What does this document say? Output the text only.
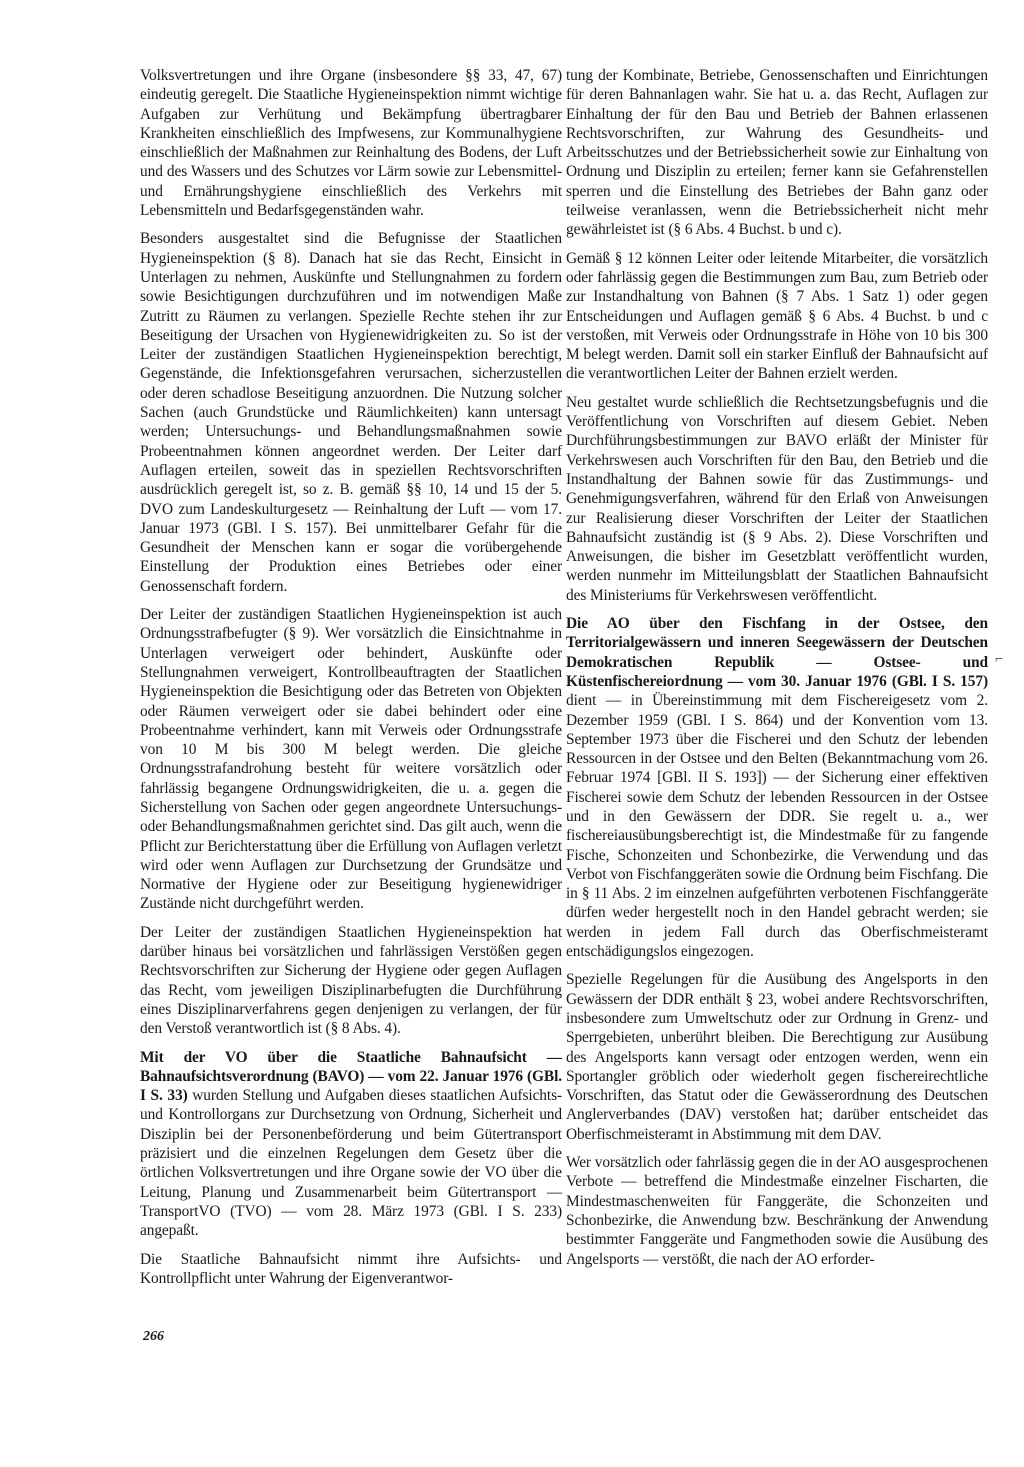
Volksvertretungen und ihre Organe (insbesondere §§ 33, 47, 67) eindeutig geregelt. Die Staatliche Hygieneinspektion nimmt wichtige Aufgaben zur Verhütung und Bekämpfung übertragbarer Krankheiten einschließlich des Impfwesens, zur Kommunalhygiene einschließlich der Maßnahmen zur Reinhaltung des Bodens, der Luft und des Wassers und des Schutzes vor Lärm sowie zur Lebensmittel- und Ernährungshygiene einschließlich des Verkehrs mit Lebensmitteln und Bedarfsgegenständen wahr.

Besonders ausgestaltet sind die Befugnisse der Staatlichen Hygieneinspektion (§ 8). Danach hat sie das Recht, Einsicht in Unterlagen zu nehmen, Auskünfte und Stellungnahmen zu fordern sowie Besichtigungen durchzuführen und im notwendigen Maße Zutritt zu Räumen zu verlangen. Spezielle Rechte stehen ihr zur Beseitigung der Ursachen von Hygienewidrigkeiten zu. So ist der Leiter der zuständigen Staatlichen Hygieneinspektion berechtigt, Gegenstände, die Infektionsgefahren verursachen, sicherzustellen oder deren schadlose Beseitigung anzuordnen. Die Nutzung solcher Sachen (auch Grundstücke und Räumlichkeiten) kann untersagt werden; Untersuchungs- und Behandlungsmaßnahmen sowie Probeentnahmen können angeordnet werden. Der Leiter darf Auflagen erteilen, soweit das in speziellen Rechtsvorschriften ausdrücklich geregelt ist, so z. B. gemäß §§ 10, 14 und 15 der 5. DVO zum Landeskulturgesetz — Reinhaltung der Luft — vom 17. Januar 1973 (GBl. I S. 157). Bei unmittelbarer Gefahr für die Gesundheit der Menschen kann er sogar die vorübergehende Einstellung der Produktion eines Betriebes oder einer Genossenschaft fordern.

Der Leiter der zuständigen Staatlichen Hygieneinspektion ist auch Ordnungsstrafbefugter (§ 9). Wer vorsätzlich die Einsichtnahme in Unterlagen verweigert oder behindert, Auskünfte oder Stellungnahmen verweigert, Kontrollbeauftragten der Staatlichen Hygieneinspektion die Besichtigung oder das Betreten von Objekten oder Räumen verweigert oder sie dabei behindert oder eine Probeentnahme verhindert, kann mit Verweis oder Ordnungsstrafe von 10 M bis 300 M belegt werden. Die gleiche Ordnungsstrafandrohung besteht für weitere vorsätzlich oder fahrlässig begangene Ordnungswidrigkeiten, die u. a. gegen die Sicherstellung von Sachen oder gegen angeordnete Untersuchungs- oder Behandlungsmaßnahmen gerichtet sind. Das gilt auch, wenn die Pflicht zur Berichterstattung über die Erfüllung von Auflagen verletzt wird oder wenn Auflagen zur Durchsetzung der Grundsätze und Normative der Hygiene oder zur Beseitigung hygienewidriger Zustände nicht durchgeführt werden.

Der Leiter der zuständigen Staatlichen Hygieneinspektion hat darüber hinaus bei vorsätzlichen und fahrlässigen Verstößen gegen Rechtsvorschriften zur Sicherung der Hygiene oder gegen Auflagen das Recht, vom jeweiligen Disziplinarbefugten die Durchführung eines Disziplinarverfahrens gegen denjenigen zu verlangen, der für den Verstoß verantwortlich ist (§ 8 Abs. 4).

Mit der VO über die Staatliche Bahnaufsicht — Bahnaufsichtsverordnung (BAVO) — vom 22. Januar 1976 (GBl. I S. 33) wurden Stellung und Aufgaben dieses staatlichen Aufsichts- und Kontrollorgans zur Durchsetzung von Ordnung, Sicherheit und Disziplin bei der Personenbeförderung und beim Gütertransport präzisiert und die einzelnen Regelungen dem Gesetz über die örtlichen Volksvertretungen und ihre Organe sowie der VO über die Leitung, Planung und Zusammenarbeit beim Gütertransport — TransportVO (TVO) — vom 28. März 1973 (GBl. I S. 233) angepaßt.

Die Staatliche Bahnaufsicht nimmt ihre Aufsichts- und Kontrollpflicht unter Wahrung der Eigenverantwor-

tung der Kombinate, Betriebe, Genossenschaften und Einrichtungen für deren Bahnanlagen wahr. Sie hat u. a. das Recht, Auflagen zur Einhaltung der für den Bau und Betrieb der Bahnen erlassenen Rechtsvorschriften, zur Wahrung des Gesundheits- und Arbeitsschutzes und der Betriebssicherheit sowie zur Einhaltung von Ordnung und Disziplin zu erteilen; ferner kann sie Gefahrenstellen sperren und die Einstellung des Betriebes der Bahn ganz oder teilweise veranlassen, wenn die Betriebssicherheit nicht mehr gewährleistet ist (§ 6 Abs. 4 Buchst. b und c).

Gemäß § 12 können Leiter oder leitende Mitarbeiter, die vorsätzlich oder fahrlässig gegen die Bestimmungen zum Bau, zum Betrieb oder zur Instandhaltung von Bahnen (§ 7 Abs. 1 Satz 1) oder gegen Entscheidungen und Auflagen gemäß § 6 Abs. 4 Buchst. b und c verstoßen, mit Verweis oder Ordnungsstrafe in Höhe von 10 bis 300 M belegt werden. Damit soll ein starker Einfluß der Bahnaufsicht auf die verantwortlichen Leiter der Bahnen erzielt werden.

Neu gestaltet wurde schließlich die Rechtsetzungsbefugnis und die Veröffentlichung von Vorschriften auf diesem Gebiet. Neben Durchführungsbestimmungen zur BAVO erläßt der Minister für Verkehrswesen auch Vorschriften für den Bau, den Betrieb und die Instandhaltung der Bahnen sowie für das Zustimmungs- und Genehmigungsverfahren, während für den Erlaß von Anweisungen zur Realisierung dieser Vorschriften der Leiter der Staatlichen Bahnaufsicht zuständig ist (§ 9 Abs. 2). Diese Vorschriften und Anweisungen, die bisher im Gesetzblatt veröffentlicht wurden, werden nunmehr im Mitteilungsblatt der Staatlichen Bahnaufsicht des Ministeriums für Verkehrswesen veröffentlicht.

Die AO über den Fischfang in der Ostsee, den Territorialgewässern und inneren Seegewässern der Deutschen Demokratischen Republik — Ostsee- und Küstenfischereiordnung — vom 30. Januar 1976 (GBl. I S. 157) dient — in Übereinstimmung mit dem Fischereigesetz vom 2. Dezember 1959 (GBl. I S. 864) und der Konvention vom 13. September 1973 über die Fischerei und den Schutz der lebenden Ressourcen in der Ostsee und den Belten (Bekanntmachung vom 26. Februar 1974 [GBl. II S. 193]) — der Sicherung einer effektiven Fischerei sowie dem Schutz der lebenden Ressourcen in der Ostsee und in den Gewässern der DDR. Sie regelt u. a., wer fischereiausübungsberechtigt ist, die Mindestmaße für zu fangende Fische, Schonzeiten und Schonbezirke, die Verwendung und das Verbot von Fischfanggeräten sowie die Ordnung beim Fischfang. Die in § 11 Abs. 2 im einzelnen aufgeführten verbotenen Fischfanggeräte dürfen weder hergestellt noch in den Handel gebracht werden; sie werden in jedem Fall durch das Oberfischmeisteramt entschädigungslos eingezogen.

Spezielle Regelungen für die Ausübung des Angelsports in den Gewässern der DDR enthält § 23, wobei andere Rechtsvorschriften, insbesondere zum Umweltschutz oder zur Ordnung in Grenz- und Sperrgebieten, unberührt bleiben. Die Berechtigung zur Ausübung des Angelsports kann versagt oder entzogen werden, wenn ein Sportangler gröblich oder wiederholt gegen fischereirechtliche Vorschriften, das Statut oder die Gewässerordnung des Deutschen Anglerverbandes (DAV) verstoßen hat; darüber entscheidet das Oberfischmeisteramt in Abstimmung mit dem DAV.

Wer vorsätzlich oder fahrlässig gegen die in der AO ausgesprochenen Verbote — betreffend die Mindestmaße einzelner Fischarten, die Mindestmaschenweiten für Fanggeräte, die Schonzeiten und Schonbezirke, die Anwendung bzw. Beschränkung der Anwendung bestimmter Fanggeräte und Fangmethoden sowie die Ausübung des Angelsports — verstößt, die nach der AO erforder-

⌐
266
